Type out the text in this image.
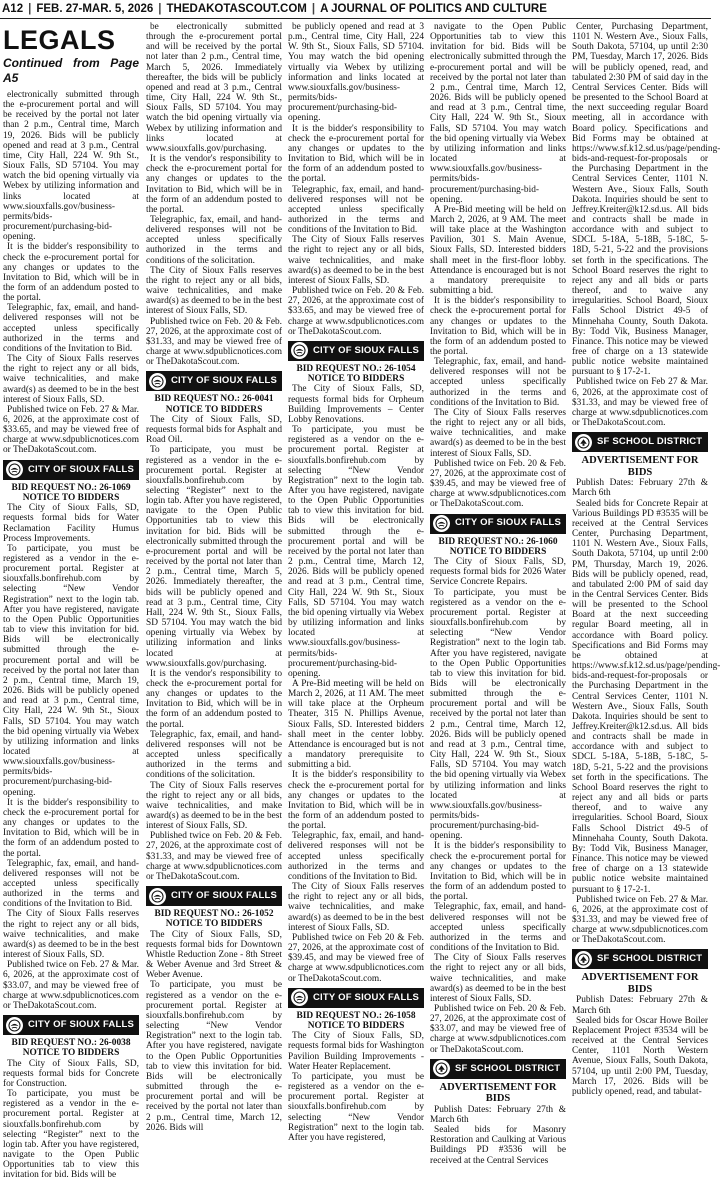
A12 | FEB. 27-MAR. 5, 2026 | THEDAKOTASCOUT.COM | A JOURNAL OF POLITICS AND CULTURE
LEGALS
Continued from Page A5

electronically submitted through the e-procurement portal and will be received by the portal not later than 2 p.m., Central time, March 19, 2026. Bids will be publicly opened and read at 3 p.m., Central time, City Hall, 224 W. 9th St., Sioux Falls, SD 57104. You may watch the bid opening virtually via Webex by utilizing information and links located at www.siouxfalls.gov/business-permits/bids-procurement/purchasing-bid-opening.

It is the bidder's responsibility to check the e-procurement portal for any changes or updates to the Invitation to Bid, which will be in the form of an addendum posted to the portal.

Telegraphic, fax, email, and hand-delivered responses will not be accepted unless specifically authorized in the terms and conditions of the Invitation to Bid.

The City of Sioux Falls reserves the right to reject any or all bids, waive technicalities, and make award(s) as deemed to be in the best interest of Sioux Falls, SD.

Published twice on Feb. 27 & Mar. 6, 2026, at the approximate cost of $33.65, and may be viewed free of charge at www.sdpublicnotices.com or TheDakotaScout.com.

CITY OF SIOUX FALLS

BID REQUEST NO.: 26-1069

NOTICE TO BIDDERS

The City of Sioux Falls, SD, requests formal bids for Water Reclamation Facility Humus Process Improvements.

To participate, you must be registered as a vendor in the e-procurement portal. Register at siouxfalls.bonfirehub.com by selecting “New Vendor Registration” next to the login tab. After you have registered, navigate to the Open Public Opportunities tab to view this invitation for bid. Bids will be electronically submitted through the e-procurement portal and will be received by the portal not later than 2 p.m., Central time, March 19, 2026. Bids will be publicly opened and read at 3 p.m., Central time, City Hall, 224 W. 9th St., Sioux Falls, SD 57104. You may watch the bid opening virtually via Webex by utilizing information and links located at www.siouxfalls.gov/business-permits/bids-procurement/purchasing-bid-opening.

It is the bidder's responsibility to check the e-procurement portal for any changes or updates to the Invitation to Bid, which will be in the form of an addendum posted to the portal.

Telegraphic, fax, email, and hand-delivered responses will not be accepted unless specifically authorized in the terms and conditions of the Invitation to Bid.

The City of Sioux Falls reserves the right to reject any or all bids, waive technicalities, and make award(s) as deemed to be in the best interest of Sioux Falls, SD.

Published twice on Feb. 27 & Mar. 6, 2026, at the approximate cost of $33.07, and may be viewed free of charge at www.sdpublicnotices.com or TheDakotaScout.com.

CITY OF SIOUX FALLS

BID REQUEST NO.: 26-0038

NOTICE TO BIDDERS

The City of Sioux Falls, SD, requests formal bids for Concrete for Construction.

To participate, you must be registered as a vendor in the e-procurement portal. Register at siouxfalls.bonfirehub.com by selecting “Register” next to the login tab. After you have registered, navigate to the Open Public Opportunities tab to view this invitation for bid. Bids will be

be electronically submitted through the e-procurement portal and will be received by the portal not later than 2 p.m., Central time, March 5, 2026. Immediately thereafter, the bids will be publicly opened and read at 3 p.m., Central time, City Hall, 224 W. 9th St., Sioux Falls, SD 57104. You may watch the bid opening virtually via Webex by utilizing information and links located at www.siouxfalls.gov/purchasing.

It is the vendor's responsibility to check the e-procurement portal for any changes or updates to the Invitation to Bid, which will be in the form of an addendum posted to the portal.

Telegraphic, fax, email, and hand-delivered responses will not be accepted unless specifically authorized in the terms and conditions of the solicitation.

The City of Sioux Falls reserves the right to reject any or all bids, waive technicalities, and make award(s) as deemed to be in the best interest of Sioux Falls, SD.

Published twice on Feb. 20 & Feb. 27, 2026, at the approximate cost of $31.33, and may be viewed free of charge at www.sdpublicnotices.com or TheDakotaScout.com.

CITY OF SIOUX FALLS

BID REQUEST NO.: 26-0041

NOTICE TO BIDDERS

The City of Sioux Falls, SD, requests formal bids for Asphalt and Road Oil.

To participate, you must be registered as a vendor in the e-procurement portal. Register at siouxfalls.bonfirehub.com by selecting “Register” next to the login tab. After you have registered, navigate to the Open Public Opportunities tab to view this invitation for bid. Bids will be electronically submitted through the e-procurement portal and will be received by the portal not later than 2 p.m., Central time, March 5, 2026. Immediately thereafter, the bids will be publicly opened and read at 3 p.m., Central time, City Hall, 224 W. 9th St., Sioux Falls, SD 57104. You may watch the bid opening virtually via Webex by utilizing information and links located at www.siouxfalls.gov/purchasing.

It is the vendor's responsibility to check the e-procurement portal for any changes or updates to the Invitation to Bid, which will be in the form of an addendum posted to the portal.

Telegraphic, fax, email, and hand-delivered responses will not be accepted unless specifically authorized in the terms and conditions of the solicitation.

The City of Sioux Falls reserves the right to reject any or all bids, waive technicalities, and make award(s) as deemed to be in the best interest of Sioux Falls, SD.

Published twice on Feb. 20 & Feb. 27, 2026, at the approximate cost of $31.33, and may be viewed free of charge at www.sdpublicnotices.com or TheDakotaScout.com.

CITY OF SIOUX FALLS

BID REQUEST NO.: 26-1052

NOTICE TO BIDDERS

The City of Sioux Falls, SD, requests formal bids for Downtown Whistle Reduction Zone - 8th Street & Weber Avenue and 3rd Street & Weber Avenue.

To participate, you must be registered as a vendor on the e-procurement portal. Register at siouxfalls.bonfirehub.com by selecting “New Vendor Registration” next to the login tab. After you have registered, navigate to the Open Public Opportunities tab to view this invitation for bid. Bids will be electronically submitted through the e-procurement portal and will be received by the portal not later than 2 p.m., Central time, March 12, 2026. Bids will

be publicly opened and read at 3 p.m., Central time, City Hall, 224 W. 9th St., Sioux Falls, SD 57104. You may watch the bid opening virtually via Webex by utilizing information and links located at www.siouxfalls.gov/business-permits/bids-procurement/purchasing-bid-opening.

It is the bidder's responsibility to check the e-procurement portal for any changes or updates to the Invitation to Bid, which will be in the form of an addendum posted to the portal.

Telegraphic, fax, email, and hand-delivered responses will not be accepted unless specifically authorized in the terms and conditions of the Invitation to Bid.

The City of Sioux Falls reserves the right to reject any or all bids, waive technicalities, and make award(s) as deemed to be in the best interest of Sioux Falls, SD.

Published twice on Feb. 20 & Feb. 27, 2026, at the approximate cost of $33.65, and may be viewed free of charge at www.sdpublicnotices.com or TheDakotaScout.com.

CITY OF SIOUX FALLS

BID REQUEST NO.: 26-1054

NOTICE TO BIDDERS

The City of Sioux Falls, SD, requests formal bids for Orpheum Building Improvements – Center Lobby Renovations.

To participate, you must be registered as a vendor on the e-procurement portal. Register at siouxfalls.bonfirehub.com by selecting “New Vendor Registration” next to the login tab. After you have registered, navigate to the Open Public Opportunities tab to view this invitation for bid. Bids will be electronically submitted through the e-procurement portal and will be received by the portal not later than 2 p.m., Central time, March 12, 2026. Bids will be publicly opened and read at 3 p.m., Central time, City Hall, 224 W. 9th St., Sioux Falls, SD 57104. You may watch the bid opening virtually via Webex by utilizing information and links located at www.siouxfalls.gov/business-permits/bids-procurement/purchasing-bid-opening.

A Pre-Bid meeting will be held on March 2, 2026, at 11 AM. The meet will take place at the Orpheum Theater, 315 N. Phillips Avenue, Sioux Falls, SD. Interested bidders shall meet in the center lobby. Attendance is encouraged but is not a mandatory prerequisite to submitting a bid.

It is the bidder's responsibility to check the e-procurement portal for any changes or updates to the Invitation to Bid, which will be in the form of an addendum posted to the portal.

Telegraphic, fax, email, and hand-delivered responses will not be accepted unless specifically authorized in the terms and conditions of the Invitation to Bid.

The City of Sioux Falls reserves the right to reject any or all bids, waive technicalities, and make award(s) as deemed to be in the best interest of Sioux Falls, SD.

Published twice on Feb 20 & Feb. 27, 2026, at the approximate cost of $39.45, and may be viewed free of charge at www.sdpublicnotices.com or TheDakotaScout.com.

CITY OF SIOUX FALLS

BID REQUEST NO.: 26-1058

NOTICE TO BIDDERS

The City of Sioux Falls, SD, requests formal bids for Washington Pavilion Building Improvements - Water Heater Replacement.

To participate, you must be registered as a vendor on the e-procurement portal. Register at siouxfalls.bonfirehub.com by selecting “New Vendor Registration” next to the login tab. After you have registered,

navigate to the Open Public Opportunities tab to view this invitation for bid. Bids will be electronically submitted through the e-procurement portal and will be received by the portal not later than 2 p.m., Central time, March 12, 2026. Bids will be publicly opened and read at 3 p.m., Central time, City Hall, 224 W. 9th St., Sioux Falls, SD 57104. You may watch the bid opening virtually via Webex by utilizing information and links located at www.siouxfalls.gov/business-permits/bids-procurement/purchasing-bid-opening.

A Pre-Bid meeting will be held on March 2, 2026, at 9 AM. The meet will take place at the Washington Pavilion, 301 S. Main Avenue, Sioux Falls, SD. Interested bidders shall meet in the first-floor lobby. Attendance is encouraged but is not a mandatory prerequisite to submitting a bid.

It is the bidder's responsibility to check the e-procurement portal for any changes or updates to the Invitation to Bid, which will be in the form of an addendum posted to the portal.

Telegraphic, fax, email, and hand-delivered responses will not be accepted unless specifically authorized in the terms and conditions of the Invitation to Bid.

The City of Sioux Falls reserves the right to reject any or all bids, waive technicalities, and make award(s) as deemed to be in the best interest of Sioux Falls, SD.

Published twice on Feb. 20 & Feb. 27, 2026, at the approximate cost of $39.45, and may be viewed free of charge at www.sdpublicnotices.com or TheDakotaScout.com.

CITY OF SIOUX FALLS

BID REQUEST NO.: 26-1060

NOTICE TO BIDDERS

The City of Sioux Falls, SD, requests formal bids for 2026 Water Service Concrete Repairs.

To participate, you must be registered as a vendor on the e-procurement portal. Register at siouxfalls.bonfirehub.com by selecting “New Vendor Registration” next to the login tab. After you have registered, navigate to the Open Public Opportunities tab to view this invitation for bid. Bids will be electronically submitted through the e-procurement portal and will be received by the portal not later than 2 p.m., Central time, March 12, 2026. Bids will be publicly opened and read at 3 p.m., Central time, City Hall, 224 W. 9th St., Sioux Falls, SD 57104. You may watch the bid opening virtually via Webex by utilizing information and links located at www.siouxfalls.gov/business-permits/bids-procurement/purchasing-bid-opening.

It is the bidder's responsibility to check the e-procurement portal for any changes or updates to the Invitation to Bid, which will be in the form of an addendum posted to the portal.

Telegraphic, fax, email, and hand-delivered responses will not be accepted unless specifically authorized in the terms and conditions of the Invitation to Bid.

The City of Sioux Falls reserves the right to reject any or all bids, waive technicalities, and make award(s) as deemed to be in the best interest of Sioux Falls, SD.

Published twice on Feb. 20 & Feb. 27, 2026, at the approximate cost of $33.07, and may be viewed free of charge at www.sdpublicnotices.com or TheDakotaScout.com.

SF SCHOOL DISTRICT

ADVERTISEMENT FOR BIDS

Publish Dates: February 27th & March 6th

Sealed bids for Masonry Restoration and Caulking at Various Buildings PD #3536 will be received at the Central Services

Center, Purchasing Department, 1101 N. Western Ave., Sioux Falls, South Dakota, 57104, up until 2:30 PM, Tuesday, March 17, 2026. Bids will be publicly opened, read, and tabulated 2:30 PM of said day in the Central Services Center. Bids will be presented to the School Board at the next succeeding regular Board meeting, all in accordance with Board policy. Specifications and Bid Forms may be obtained at https://www.sf.k12.sd.us/page/pending-bids-and-request-for-proposals or the Purchasing Department in the Central Services Center, 1101 N. Western Ave., Sioux Falls, South Dakota. Inquiries should be sent to Jeffrey.Kreiter@k12.sd.us. All bids and contracts shall be made in accordance with and subject to SDCL 5-18A, 5-18B, 5-18C, 5-18D, 5-21, 5-22 and the provisions set forth in the specifications. The School Board reserves the right to reject any and all bids or parts thereof, and to waive any irregularities. School Board, Sioux Falls School District 49-5 of Minnehaha County, South Dakota. By: Todd Vik, Business Manager, Finance. This notice may be viewed free of charge on a 13 statewide public notice website maintained pursuant to § 17-2-1.

Published twice on Feb 27 & Mar. 6, 2026, at the approximate cost of $31.33, and may be viewed free of charge at www.sdpublicnotices.com or TheDakotaScout.com.

SF SCHOOL DISTRICT

ADVERTISEMENT FOR BIDS

Publish Dates: February 27th & March 6th

Sealed bids for Concrete Repair at Various Buildings PD #3535 will be received at the Central Services Center, Purchasing Department, 1101 N. Western Ave., Sioux Falls, South Dakota, 57104, up until 2:00 PM, Thursday, March 19, 2026. Bids will be publicly opened, read, and tabulated 2:00 PM of said day in the Central Services Center. Bids will be presented to the School Board at the next succeeding regular Board meeting, all in accordance with Board policy. Specifications and Bid Forms may be obtained at https://www.sf.k12.sd.us/page/pending-bids-and-request-for-proposals or the Purchasing Department in the Central Services Center, 1101 N. Western Ave., Sioux Falls, South Dakota. Inquiries should be sent to Jeffrey.Kreiter@k12.sd.us. All bids and contracts shall be made in accordance with and subject to SDCL 5-18A, 5-18B, 5-18C, 5-18D, 5-21, 5-22 and the provisions set forth in the specifications. The School Board reserves the right to reject any and all bids or parts thereof, and to waive any irregularities. School Board, Sioux Falls School District 49-5 of Minnehaha County, South Dakota. By: Todd Vik, Business Manager, Finance. This notice may be viewed free of charge on a 13 statewide public notice website maintained pursuant to § 17-2-1.

Published twice on Feb. 27 & Mar. 6, 2026, at the approximate cost of $31.33, and may be viewed free of charge at www.sdpublicnotices.com or TheDakotaScout.com.

SF SCHOOL DISTRICT

ADVERTISEMENT FOR BIDS

Publish Dates: February 27th & March 6th

Sealed bids for Oscar Howe Boiler Replacement Project #3534 will be received at the Central Services Center, 1101 North Western Avenue, Sioux Falls, South Dakota, 57104, up until 2:00 PM, Tuesday, March 17, 2026. Bids will be publicly opened, read, and tabulat-
